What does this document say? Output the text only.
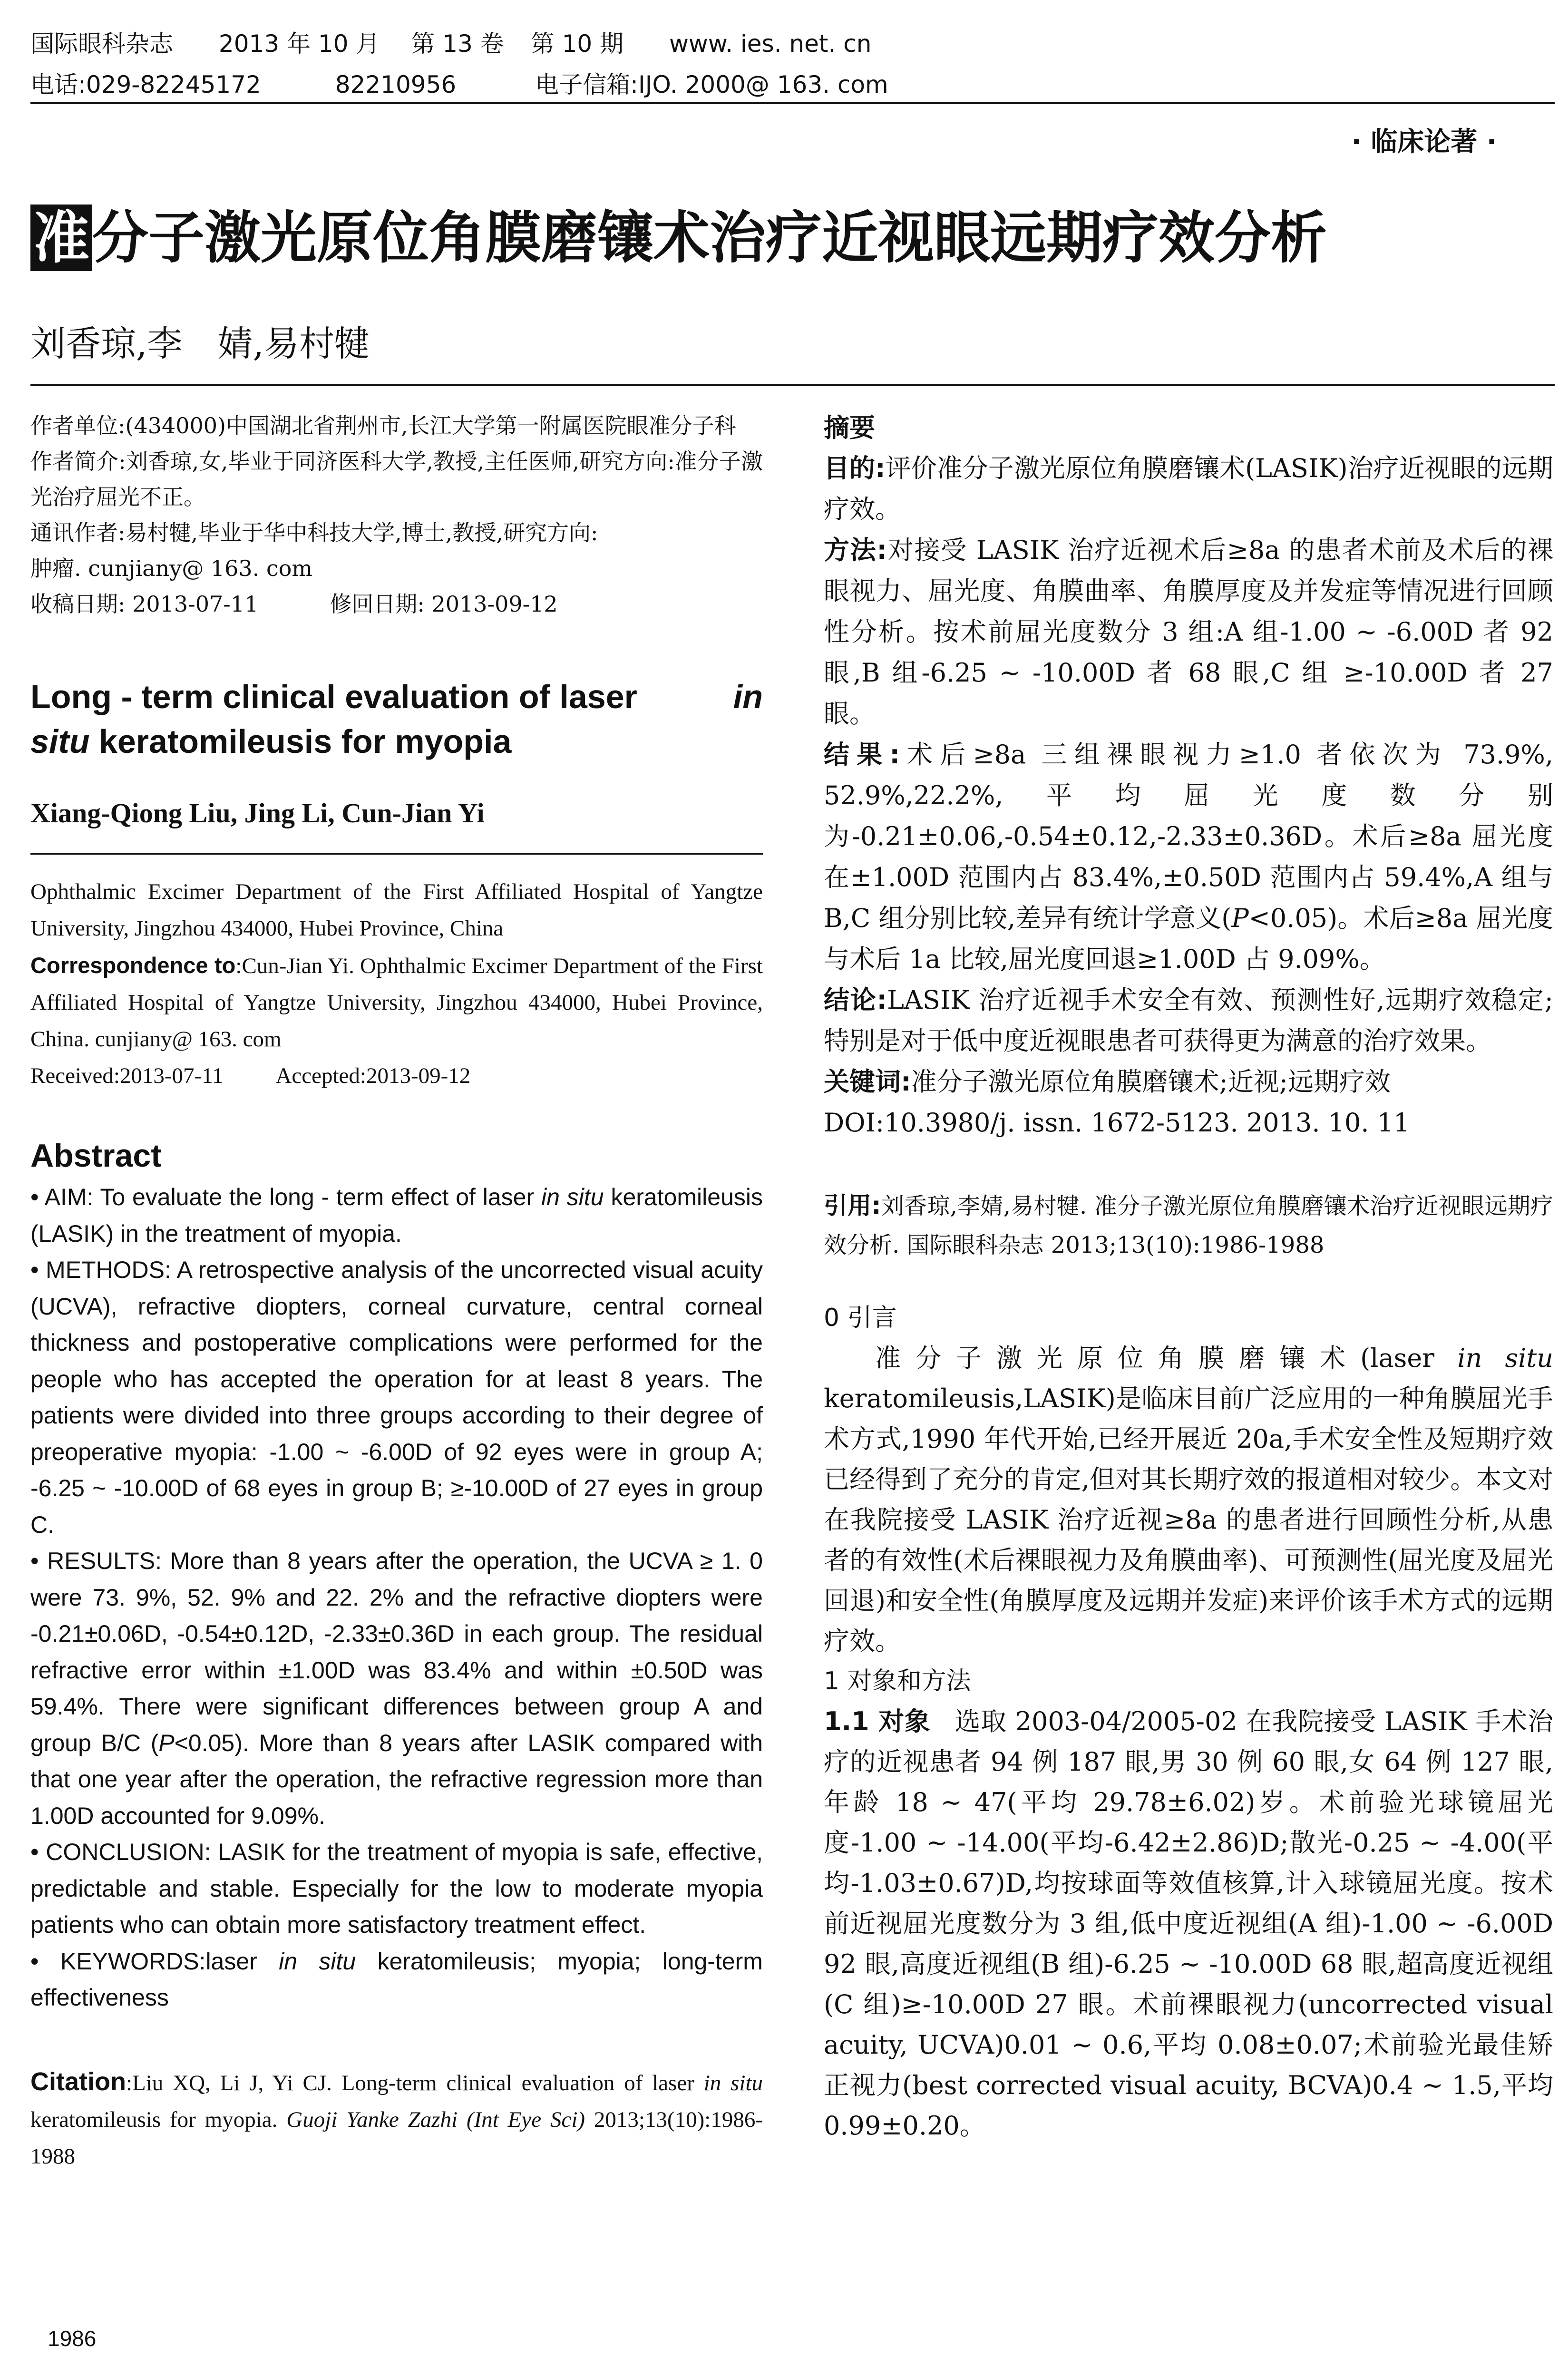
国际眼科杂志 2013 年 10 月 第 13 卷 第 10 期 www. ies. net. cn
电话:029-82245172	82210956	电子信箱:IJO. 2000@ 163. com
· 临床论著 ·
准分子激光原位角膜磨镶术治疗近视眼远期疗效分析
刘香琼,李　婧,易村犍

作者单位:(434000)中国湖北省荆州市,长江大学第一附属医院眼准分子科

作者简介:刘香琼,女,毕业于同济医科大学,教授,主任医师,研究方向:准分子激光治疗屈光不正。

通讯作者:易村犍,毕业于华中科技大学,博士,教授,研究方向:
肿瘤. cunjiany@ 163. com

收稿日期: 2013-07-11	修回日期: 2013-09-12

Long - term clinical evaluation of laser	in
situ keratomileusis for myopia
Xiang-Qiong Liu, Jing Li, Cun-Jian Yi

Ophthalmic Excimer Department of the First Affiliated Hospital of Yangtze University, Jingzhou 434000, Hubei Province, China

Correspondence to:Cun-Jian Yi. Ophthalmic Excimer Department of the First Affiliated Hospital of Yangtze University, Jingzhou 434000, Hubei Province, China. cunjiany@ 163. com

Received:2013-07-11 Accepted:2013-09-12

Abstract

• AIM: To evaluate the long - term effect of laser in situ keratomileusis (LASIK) in the treatment of myopia.

• METHODS: A retrospective analysis of the uncorrected visual acuity (UCVA), refractive diopters, corneal curvature, central corneal thickness and postoperative complications were performed for the people who has accepted the operation for at least 8 years. The patients were divided into three groups according to their degree of preoperative myopia: -1.00 ~ -6.00D of 92 eyes were in group A; -6.25 ~ -10.00D of 68 eyes in group B; ≥-10.00D of 27 eyes in group C.

• RESULTS: More than 8 years after the operation, the UCVA ≥ 1. 0 were 73. 9%, 52. 9% and 22. 2% and the refractive diopters were -0.21±0.06D, -0.54±0.12D, -2.33±0.36D in each group. The residual refractive error within ±1.00D was 83.4% and within ±0.50D was 59.4%. There were significant differences between group A and group B/C (P<0.05). More than 8 years after LASIK compared with that one year after the operation, the refractive regression more than 1.00D accounted for 9.09%.

• CONCLUSION: LASIK for the treatment of myopia is safe, effective, predictable and stable. Especially for the low to moderate myopia patients who can obtain more satisfactory treatment effect.

• KEYWORDS:laser in situ keratomileusis; myopia; long-term effectiveness

Citation:Liu XQ, Li J, Yi CJ. Long-term clinical evaluation of laser in situ keratomileusis for myopia. Guoji Yanke Zazhi (Int Eye Sci) 2013;13(10):1986-1988
1986
摘要

目的:评价准分子激光原位角膜磨镶术(LASIK)治疗近视眼的远期疗效。

方法:对接受 LASIK 治疗近视术后≥8a 的患者术前及术后的裸眼视力、屈光度、角膜曲率、角膜厚度及并发症等情况进行回顾性分析。按术前屈光度数分 3 组:A 组-1.00 ~ -6.00D 者 92 眼,B 组-6.25 ~ -10.00D 者 68 眼,C 组 ≥-10.00D 者 27 眼。

结果:术后≥8a 三组裸眼视力≥1.0 者依次为 73.9%, 52.9%,22.2%,平均屈光度数分别为-0.21±0.06,-0.54±0.12,-2.33±0.36D。术后≥8a 屈光度在±1.00D 范围内占 83.4%,±0.50D 范围内占 59.4%,A 组与 B,C 组分别比较,差异有统计学意义(P<0.05)。术后≥8a 屈光度与术后 1a 比较,屈光度回退≥1.00D 占 9.09%。

结论:LASIK 治疗近视手术安全有效、预测性好,远期疗效稳定;特别是对于低中度近视眼患者可获得更为满意的治疗效果。

关键词:准分子激光原位角膜磨镶术;近视;远期疗效

DOI:10.3980/j. issn. 1672-5123. 2013. 10. 11

引用:刘香琼,李婧,易村犍. 准分子激光原位角膜磨镶术治疗近视眼远期疗效分析. 国际眼科杂志 2013;13(10):1986-1988
0 引言
准分子激光原位角膜磨镶术(laser in situ keratomileusis,LASIK)是临床目前广泛应用的一种角膜屈光手术方式,1990 年代开始,已经开展近 20a,手术安全性及短期疗效已经得到了充分的肯定,但对其长期疗效的报道相对较少。本文对在我院接受 LASIK 治疗近视≥8a 的患者进行回顾性分析,从患者的有效性(术后裸眼视力及角膜曲率)、可预测性(屈光度及屈光回退)和安全性(角膜厚度及远期并发症)来评价该手术方式的远期疗效。
1 对象和方法
1.1 对象 选取 2003-04/2005-02 在我院接受 LASIK 手术治疗的近视患者 94 例 187 眼,男 30 例 60 眼,女 64 例 127 眼,年龄 18 ~ 47(平均 29.78±6.02)岁。术前验光球镜屈光度-1.00 ~ -14.00(平均-6.42±2.86)D;散光-0.25 ~ -4.00(平均-1.03±0.67)D,均按球面等效值核算,计入球镜屈光度。按术前近视屈光度数分为 3 组,低中度近视组(A 组)-1.00 ~ -6.00D 92 眼,高度近视组(B 组)-6.25 ~ -10.00D 68 眼,超高度近视组(C 组)≥-10.00D 27 眼。术前裸眼视力(uncorrected visual acuity, UCVA)0.01 ~ 0.6,平均 0.08±0.07;术前验光最佳矫正视力(best corrected visual acuity, BCVA)0.4 ~ 1.5,平均 0.99±0.20。
